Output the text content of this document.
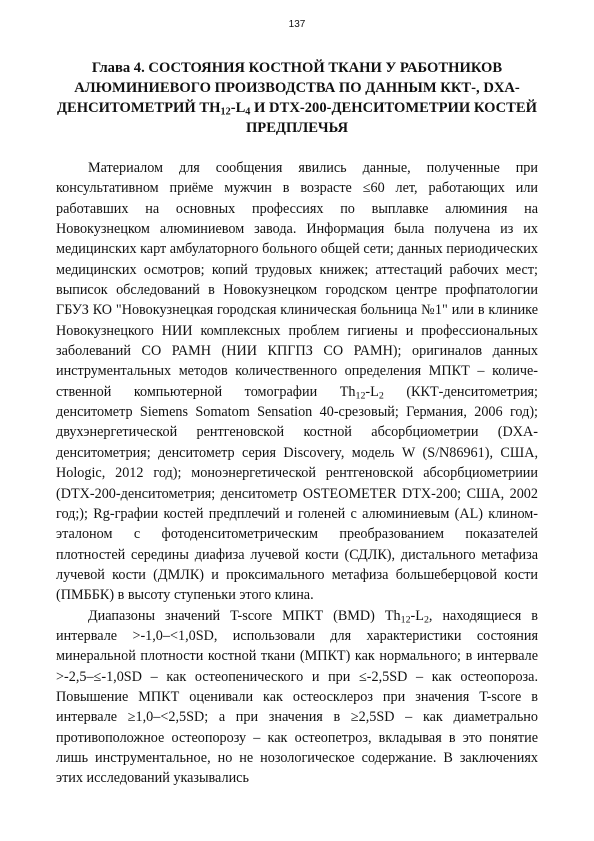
137
Глава 4. СОСТОЯНИЯ КОСТНОЙ ТКАНИ У РАБОТНИКОВ АЛЮМИНИЕВОГО ПРОИЗВОДСТВА ПО ДАННЫМ ККТ-, DXA-ДЕНСИТОМЕТРИЙ $TH_{12}-L_4$ И DTX-200-ДЕНСИТОМЕТРИИ КОСТЕЙ ПРЕДПЛЕЧЬЯ

Материалом для сообщения явились данные, полученные при консультативном приёме мужчин в возрасте ≤60 лет, работающих или работавших на основных профессиях по выплавке алюминия на Новокузнецком алюминиевом завода. Информация была получена из их медицинских карт амбулаторного больного общей сети; данных периодических медицинских осмотров; копий трудовых книжек; аттестаций рабочих мест; выписок обследований в Новокузнецком городском центре профпатологии ГБУЗ КО "Новокузнецкая городская клиническая больница №1" или в клинике Новокузнецкого НИИ комплексных проблем гигиены и профессиональных заболеваний СО РАМН (НИИ КПГПЗ СО РАМН); оригиналов данных инструментальных методов количественного определения МПКТ – количественной компьютерной томографии $Th_{12}-L_2$ (ККТ-денситометрия; денситометр Siemens Somatom Sensation 40-срезовый; Германия, 2006 год); двухэнергетической рентгеновской костной абсорбциометрии (DXA-денситометрия; денситометр серия Discovery, модель W (S/N86961), США, Hologic, 2012 год); моноэнергетической рентгеновской абсорбциометриии (DTX-200-денситометрия; денситометр OSTEOMETER DTX-200; США, 2002 год;); Rg-графии костей предплечий и голеней с алюминиевым (AL) клином-эталоном с фотоденситометрическим преобразованием показателей плотностей середины диафиза лучевой кости (СДЛК), дистального метафиза лучевой кости (ДМЛК) и проксимального метафиза большеберцовой кости (ПМББК) в высоту ступеньки этого клина.

Диапазоны значений T-score МПКТ (BMD) $Th_{12}-L_2$, находящиеся в интервале >-1,0–<1,0SD, использовали для характеристики состояния минеральной плотности костной ткани (МПКТ) как нормального; в интервале >-2,5–≤-1,0SD – как остеопенического и при ≤-2,5SD – как остеопороза. Повышение МПКТ оценивали как остеосклероз при значения T-score в интервале ≥1,0–<2,5SD; а при значения в ≥2,5SD – как диаметрально противоположное остеопорозу – как остеопетроз, вкладывая в это понятие лишь инструментальное, но не нозологическое содержание. В заключениях этих исследований указывались
